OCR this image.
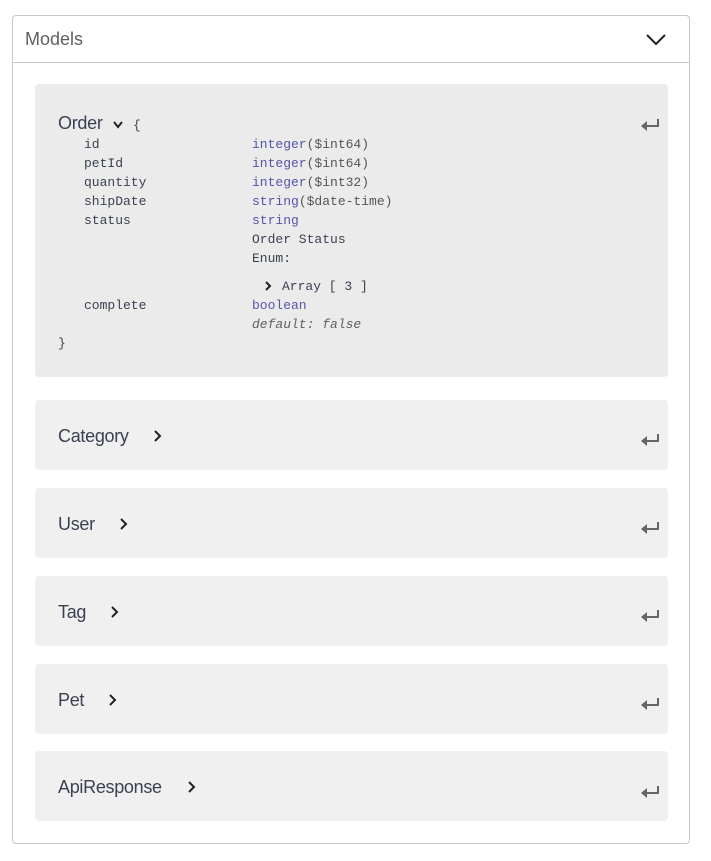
Models
Order {
id	integer($int64)
petId	integer($int64)
quantity	integer($int32)
shipDate	string($date-time)
status	string
Order Status
Enum:
Array [ 3 ]
complete	boolean
default: false
}
Category
User
Tag
Pet
ApiResponse
